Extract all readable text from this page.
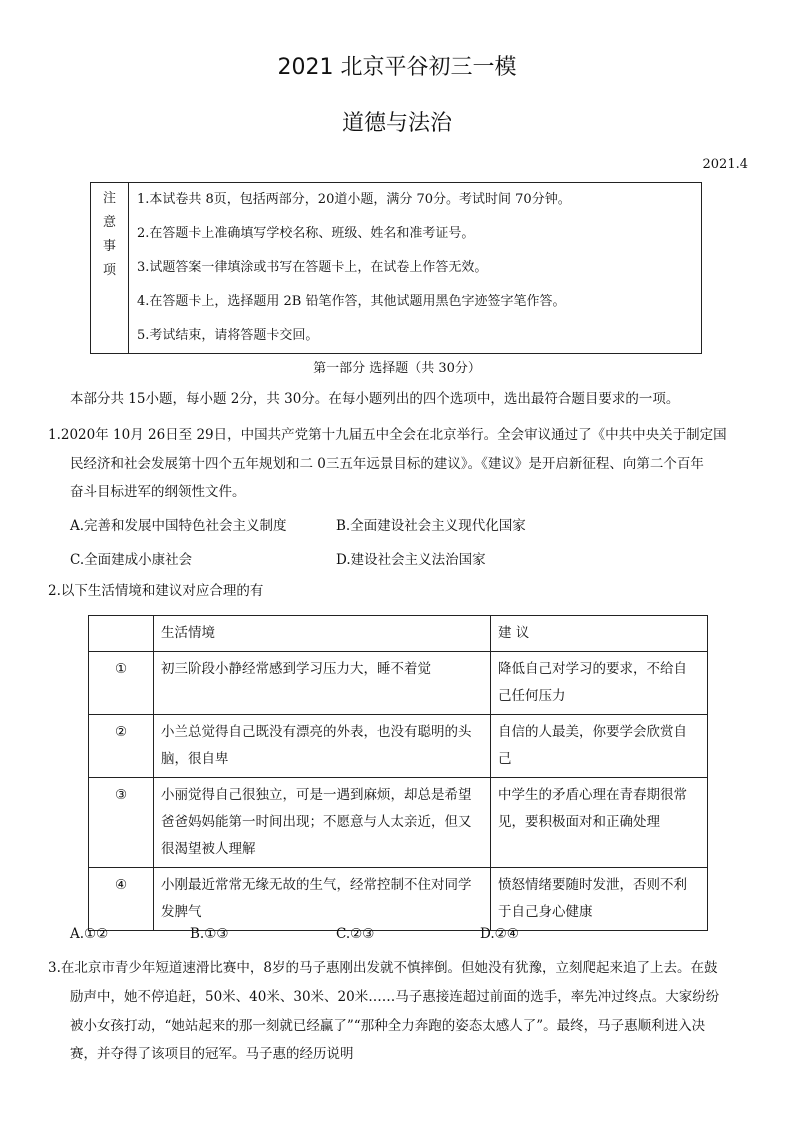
2021 北京平谷初三一模
道德与法治
2021.4
注
意
事
项
1.本试卷共 8页，包括两部分，20道小题，满分 70分。考试时间 70分钟。
2.在答题卡上准确填写学校名称、班级、姓名和准考证号。
3.试题答案一律填涂或书写在答题卡上，在试卷上作答无效。
4.在答题卡上，选择题用 2B 铅笔作答，其他试题用黑色字迹签字笔作答。
5.考试结束，请将答题卡交回。
第一部分 选择题（共 30分）
本部分共 15小题，每小题 2分，共 30分。在每小题列出的四个选项中，选出最符合题目要求的一项。
1.2020年 10月 26日至 29日，中国共产党第十九届五中全会在北京举行。全会审议通过了《中共中央关于制定国
民经济和社会发展第十四个五年规划和二 0三五年远景目标的建议》。《建议》是开启新征程、向第二个百年
奋斗目标进军的纲领性文件。
A.完善和发展中国特色社会主义制度	B.全面建设社会主义现代化国家
C.全面建成小康社会	D.建设社会主义法治国家
2.以下生活情境和建议对应合理的有
	生活情境	建 议
①	初三阶段小静经常感到学习压力大，睡不着觉	降低自己对学习的要求，不给自己任何压力
②	小兰总觉得自己既没有漂亮的外表，也没有聪明的头脑，很自卑	自信的人最美，你要学会欣赏自己
③	小丽觉得自己很独立，可是一遇到麻烦，却总是希望爸爸妈妈能第一时间出现；不愿意与人太亲近，但又很渴望被人理解	中学生的矛盾心理在青春期很常见，要积极面对和正确处理
④	小刚最近常常无缘无故的生气，经常控制不住对同学发脾气	愤怒情绪要随时发泄，否则不利于自己身心健康
A.①②	B.①③	C.②③	D.②④
3.在北京市青少年短道速滑比赛中，8岁的马子惠刚出发就不慎摔倒。但她没有犹豫，立刻爬起来追了上去。在鼓
励声中，她不停追赶，50米、40米、30米、20米……马子惠接连超过前面的选手，率先冲过终点。大家纷纷
被小女孩打动，“她站起来的那一刻就已经赢了”“那种全力奔跑的姿态太感人了”。最终，马子惠顺利进入决
赛，并夺得了该项目的冠军。马子惠的经历说明
